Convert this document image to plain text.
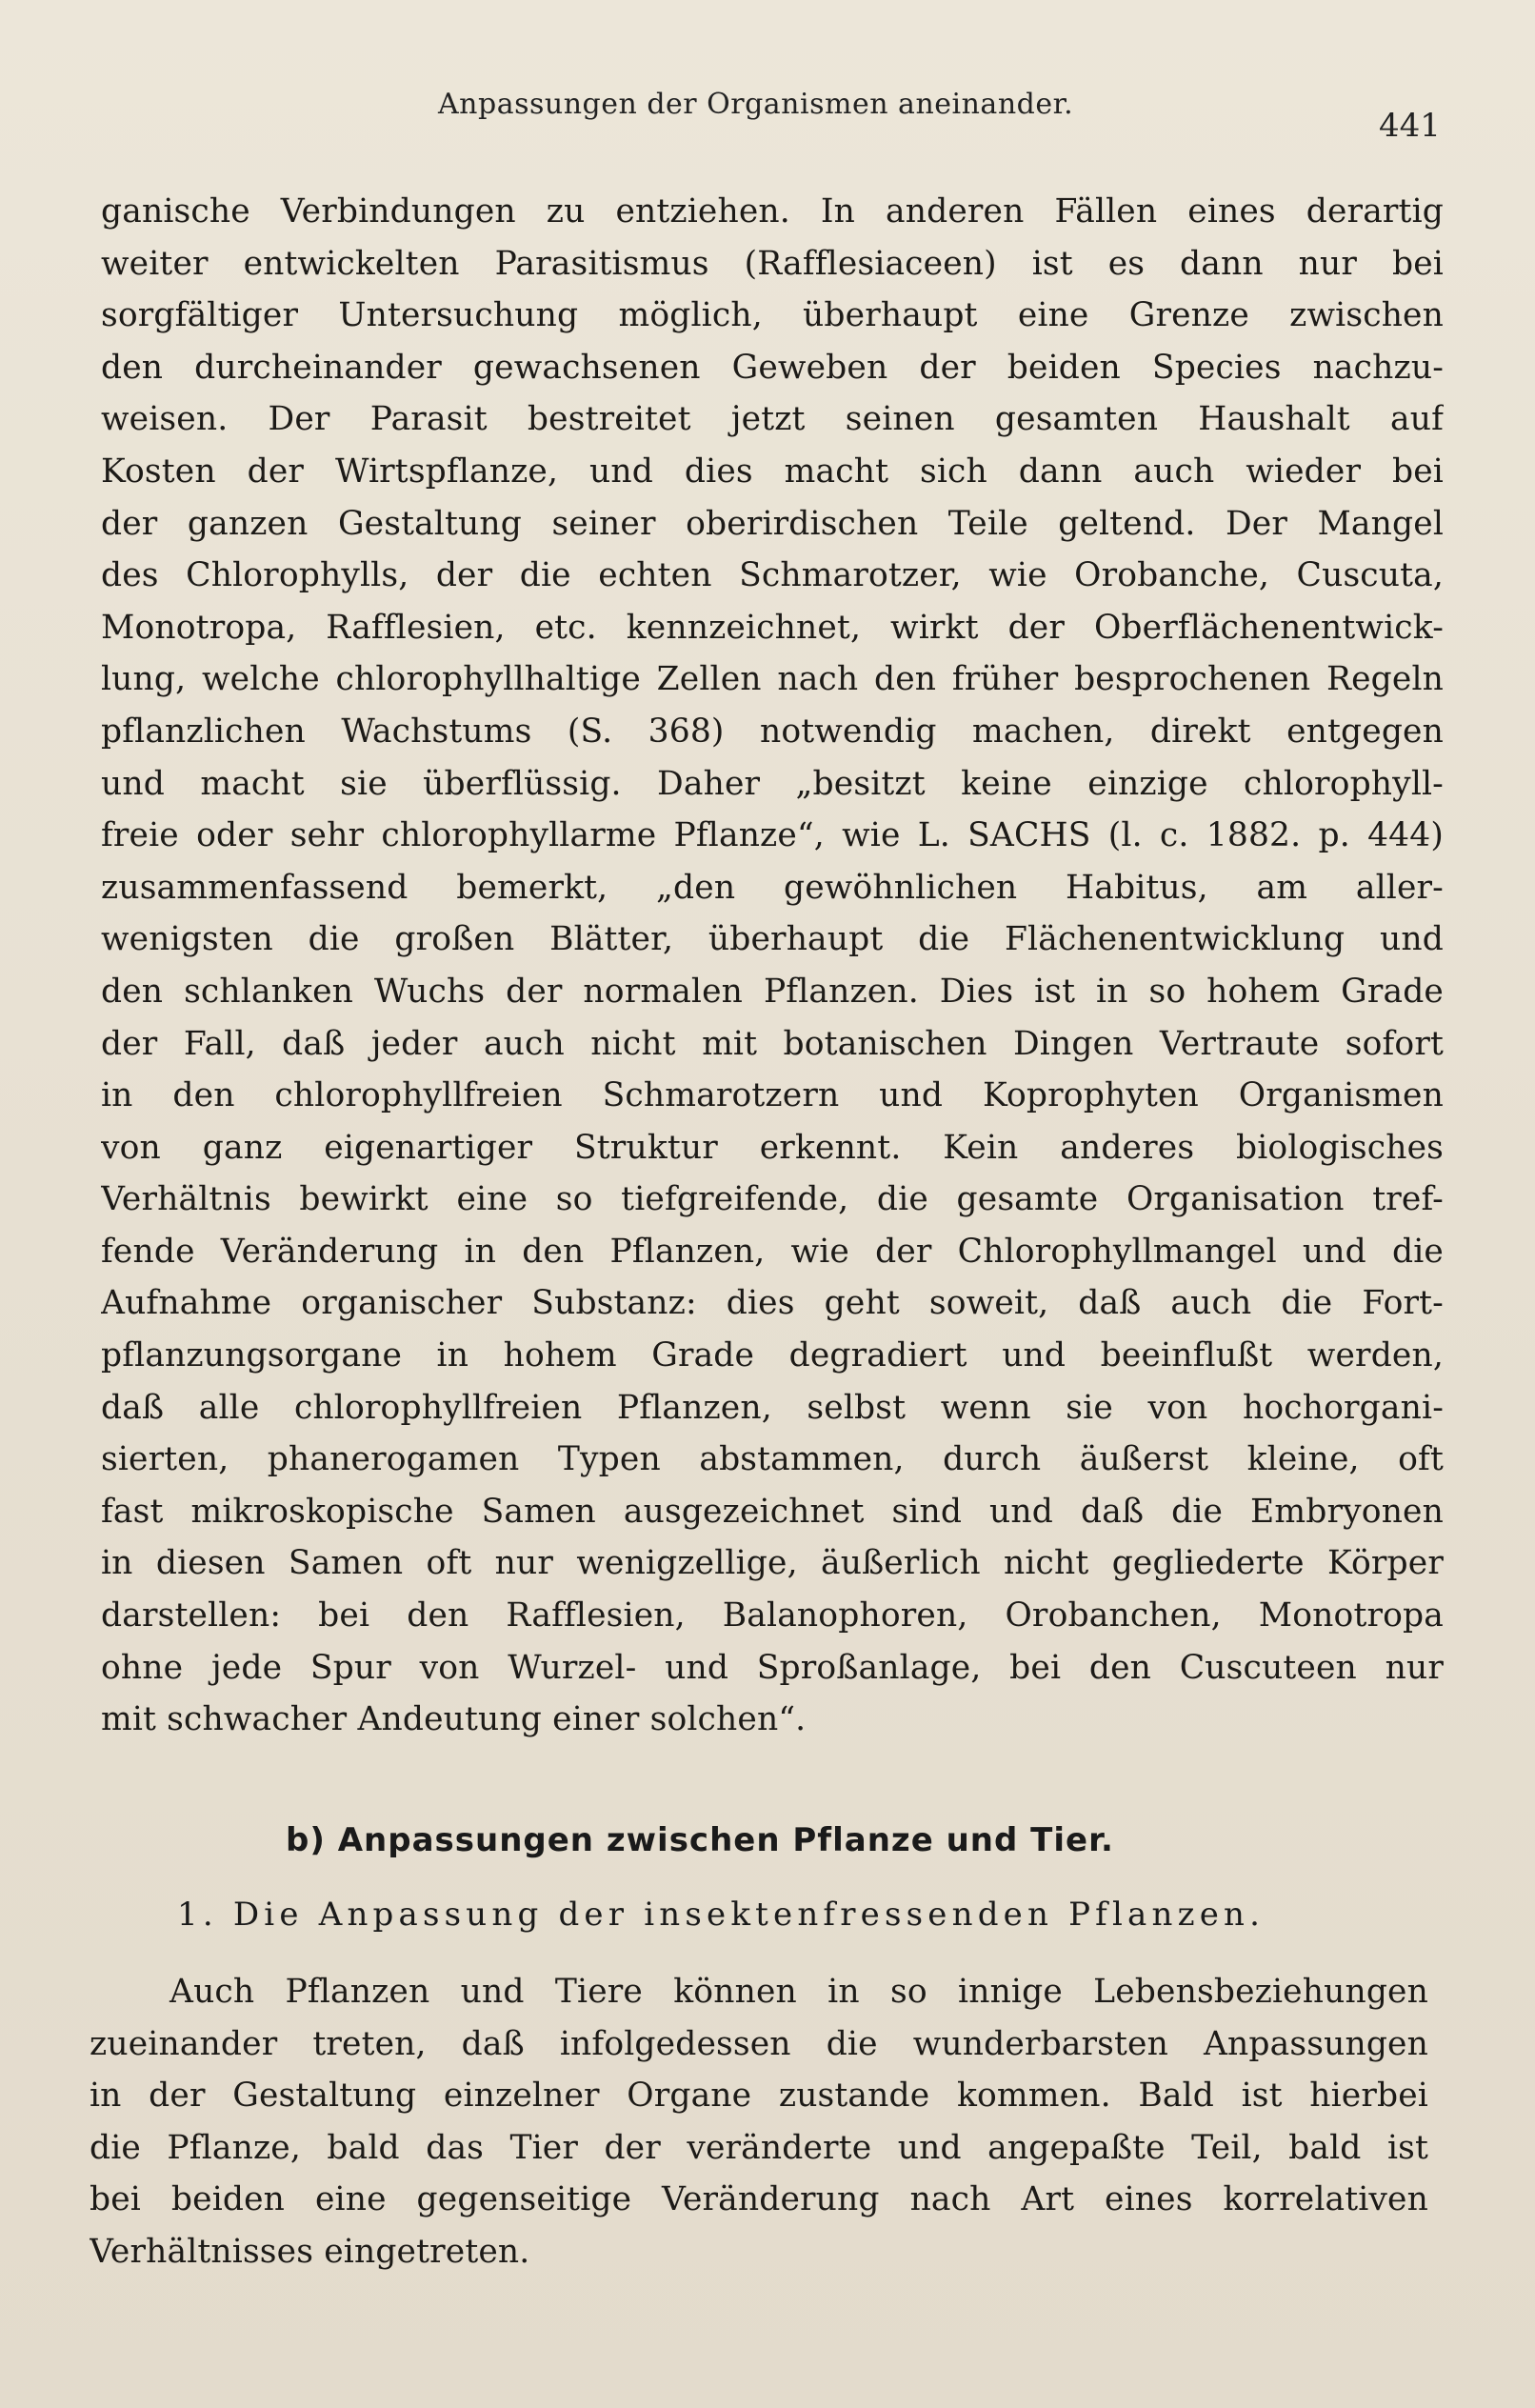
Anpassungen der Organismen aneinander.
441
ganische Verbindungen zu entziehen. In anderen Fällen eines derartig
weiter entwickelten Parasitismus (Rafflesiaceen) ist es dann nur bei
sorgfältiger Untersuchung möglich, überhaupt eine Grenze zwischen
den durcheinander gewachsenen Geweben der beiden Species nachzu-
weisen. Der Parasit bestreitet jetzt seinen gesamten Haushalt auf
Kosten der Wirtspflanze, und dies macht sich dann auch wieder bei
der ganzen Gestaltung seiner oberirdischen Teile geltend. Der Mangel
des Chlorophylls, der die echten Schmarotzer, wie Orobanche, Cuscuta,
Monotropa, Rafflesien, etc. kennzeichnet, wirkt der Oberflächenentwick-
lung, welche chlorophyllhaltige Zellen nach den früher besprochenen Regeln
pflanzlichen Wachstums (S. 368) notwendig machen, direkt entgegen
und macht sie überflüssig. Daher „besitzt keine einzige chlorophyll-
freie oder sehr chlorophyllarme Pflanze“, wie L. SACHS (l. c. 1882. p. 444)
zusammenfassend bemerkt, „den gewöhnlichen Habitus, am aller-
wenigsten die großen Blätter, überhaupt die Flächenentwicklung und
den schlanken Wuchs der normalen Pflanzen. Dies ist in so hohem Grade
der Fall, daß jeder auch nicht mit botanischen Dingen Vertraute sofort
in den chlorophyllfreien Schmarotzern und Koprophyten Organismen
von ganz eigenartiger Struktur erkennt. Kein anderes biologisches
Verhältnis bewirkt eine so tiefgreifende, die gesamte Organisation tref-
fende Veränderung in den Pflanzen, wie der Chlorophyllmangel und die
Aufnahme organischer Substanz: dies geht soweit, daß auch die Fort-
pflanzungsorgane in hohem Grade degradiert und beeinflußt werden,
daß alle chlorophyllfreien Pflanzen, selbst wenn sie von hochorgani-
sierten, phanerogamen Typen abstammen, durch äußerst kleine, oft
fast mikroskopische Samen ausgezeichnet sind und daß die Embryonen
in diesen Samen oft nur wenigzellige, äußerlich nicht gegliederte Körper
darstellen: bei den Rafflesien, Balanophoren, Orobanchen, Monotropa
ohne jede Spur von Wurzel- und Sproßanlage, bei den Cuscuteen nur
mit schwacher Andeutung einer solchen“.
b) Anpassungen zwischen Pflanze und Tier.
1. Die Anpassung der insektenfressenden Pflanzen.
Auch Pflanzen und Tiere können in so innige Lebensbeziehungen
zueinander treten, daß infolgedessen die wunderbarsten Anpassungen
in der Gestaltung einzelner Organe zustande kommen. Bald ist hierbei
die Pflanze, bald das Tier der veränderte und angepaßte Teil, bald ist
bei beiden eine gegenseitige Veränderung nach Art eines korrelativen
Verhältnisses eingetreten.
